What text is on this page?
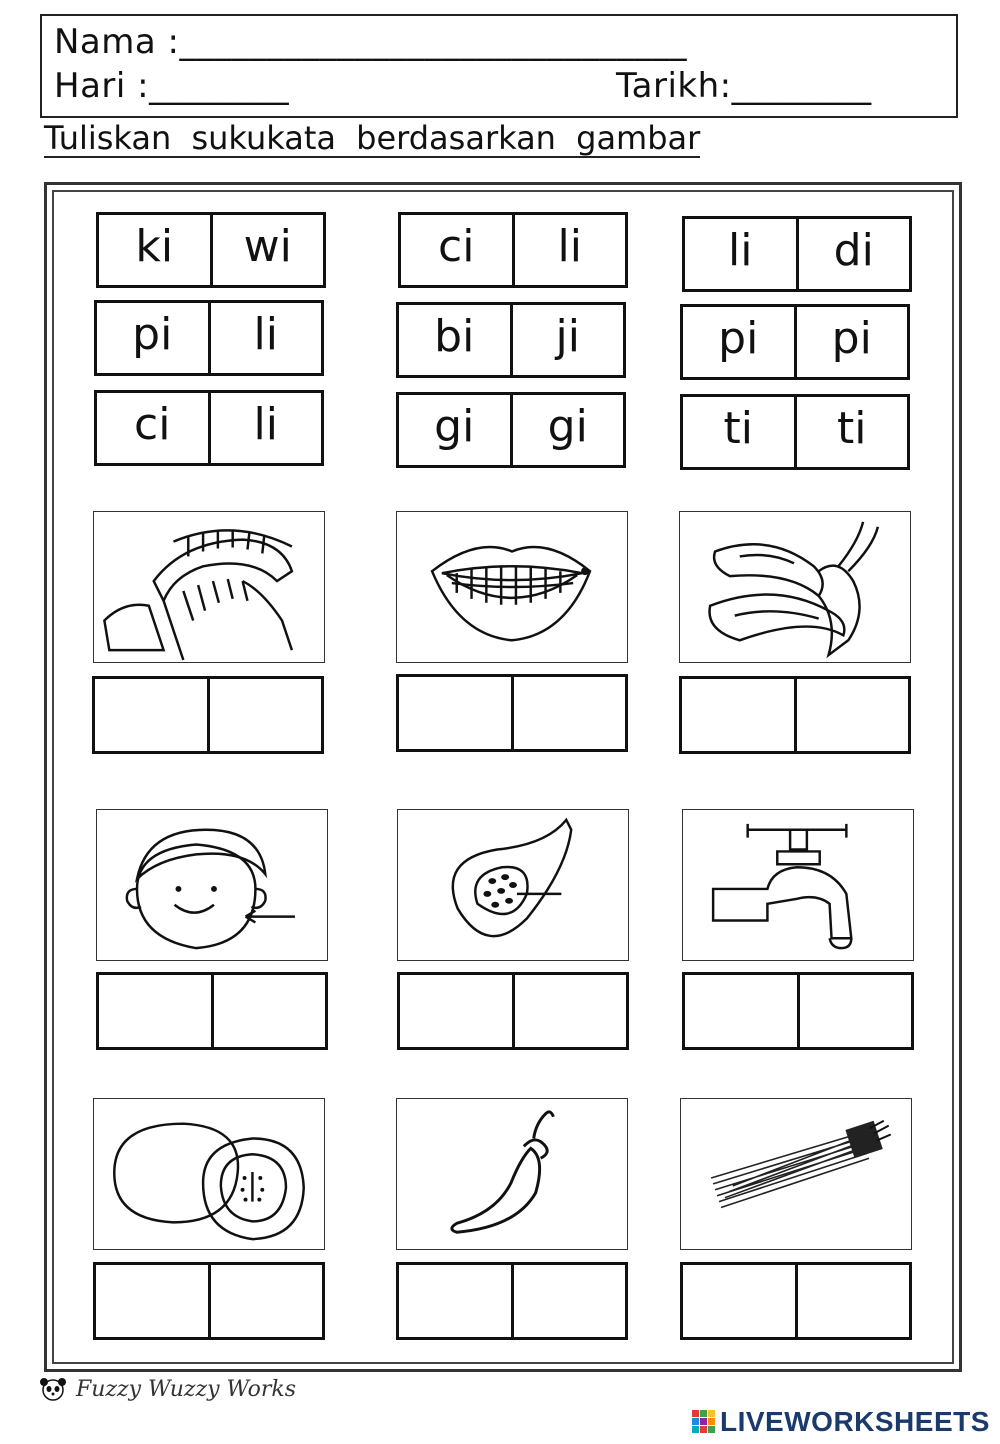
Nama :_____________________________
Hari :________	Tarikh:________
Tuliskan sukukata berdasarkan gambar
ki	wi
pi	li
ci	li
ci	li
bi	ji
gi	gi
li	di
pi	pi
ti	ti
Fuzzy Wuzzy Works
LIVEWORKSHEETS
